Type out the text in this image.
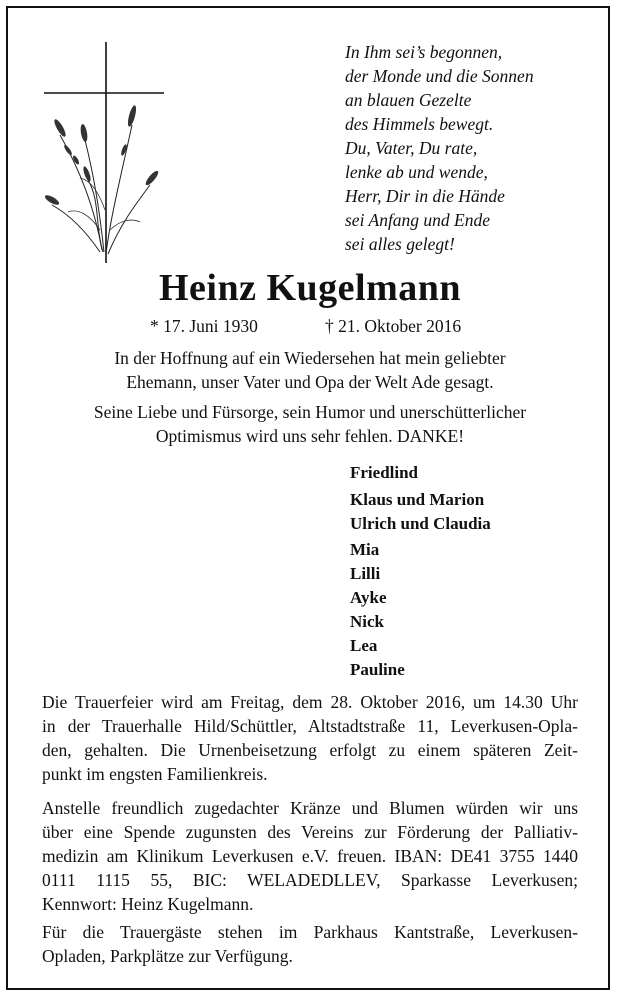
In Ihm sei’s begonnen,
der Monde und die Sonnen
an blauen Gezelte
des Himmels bewegt.
Du, Vater, Du rate,
lenke ab und wende,
Herr, Dir in die Hände
sei Anfang und Ende
sei alles gelegt!
Heinz Kugelmann
* 17. Juni 1930	† 21. Oktober 2016
In der Hoffnung auf ein Wiedersehen hat mein geliebter
Ehemann, unser Vater und Opa der Welt Ade gesagt.
Seine Liebe und Fürsorge, sein Humor und unerschütterlicher
Optimismus wird uns sehr fehlen. DANKE!
Friedlind
Klaus und Marion
Ulrich und Claudia
Mia
Lilli
Ayke
Nick
Lea
Pauline
Die Trauerfeier wird am Freitag, dem 28. Oktober 2016, um 14.30 Uhr
in der Trauerhalle Hild/Schüttler, Altstadtstraße 11, Leverkusen-Opla-
den, gehalten. Die Urnenbeisetzung erfolgt zu einem späteren Zeit-
punkt im engsten Familienkreis.
Anstelle freundlich zugedachter Kränze und Blumen würden wir uns
über eine Spende zugunsten des Vereins zur Förderung der Palliativ-
medizin am Klinikum Leverkusen e.V. freuen. IBAN: DE41 3755 1440
0111 1115 55, BIC: WELADEDLLEV, Sparkasse Leverkusen;
Kennwort: Heinz Kugelmann.
Für die Trauergäste stehen im Parkhaus Kantstraße, Leverkusen-
Opladen, Parkplätze zur Verfügung.
